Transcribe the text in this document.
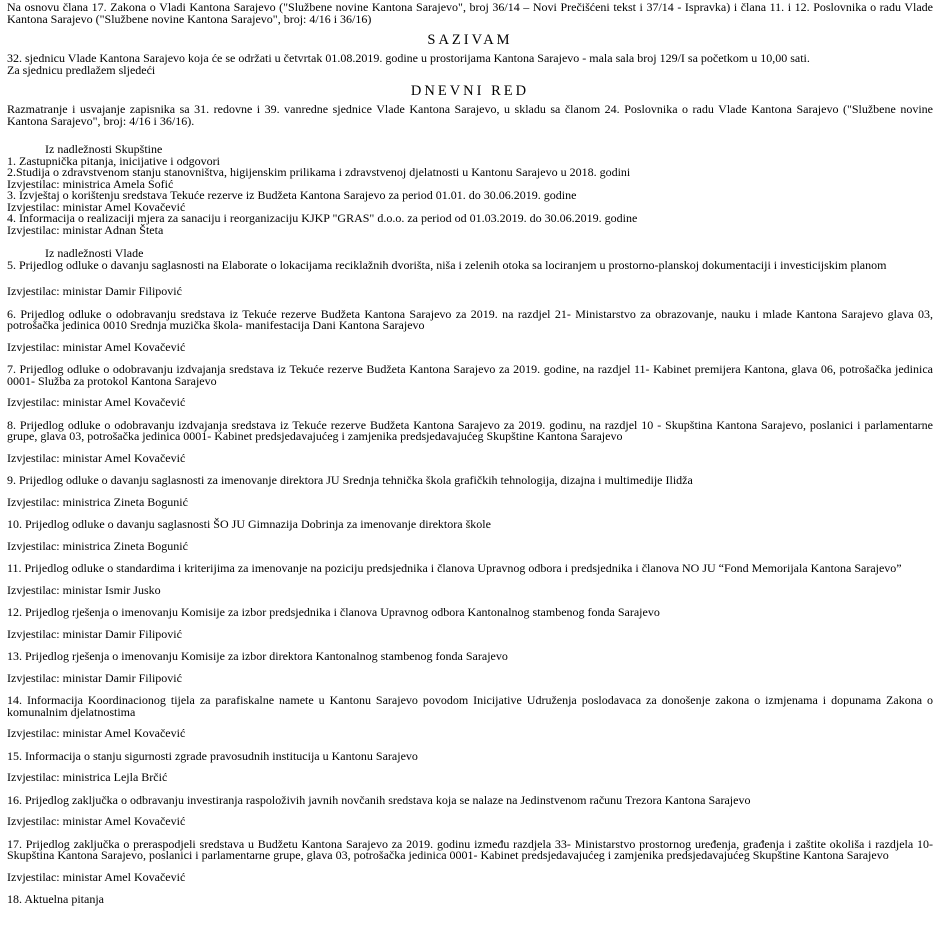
Na osnovu člana 17. Zakona o Vladi Kantona Sarajevo ("Službene novine Kantona Sarajevo", broj 36/14 – Novi Prečišćeni tekst i 37/14 - Ispravka) i člana 11. i 12. Poslovnika o radu Vlade Kantona Sarajevo ("Službene novine Kantona Sarajevo", broj: 4/16 i 36/16)

SAZIVAM

32. sjednicu Vlade Kantona Sarajevo koja će se održati u četvrtak 01.08.2019. godine u prostorijama Kantona Sarajevo - mala sala broj 129/I sa početkom u 10,00 sati.

Za sjednicu predlažem sljedeći

DNEVNI RED

Razmatranje i usvajanje zapisnika sa 31. redovne i 39. vanredne sjednice Vlade Kantona Sarajevo, u skladu sa članom 24. Poslovnika o radu Vlade Kantona Sarajevo ("Službene novine Kantona Sarajevo", broj: 4/16 i 36/16).

Iz nadležnosti Skupštine

1. Zastupnička pitanja, inicijative i odgovori

2.Studija o zdravstvenom stanju stanovništva, higijenskim prilikama i zdravstvenoj djelatnosti u Kantonu Sarajevo u 2018. godini

Izvjestilac: ministrica Amela Sofić

3. Izvještaj o korištenju sredstava Tekuće rezerve iz Budžeta Kantona Sarajevo za period 01.01. do 30.06.2019. godine

Izvjestilac: ministar Amel Kovačević

4. Informacija o realizaciji mjera za sanaciju i reorganizaciju KJKP "GRAS" d.o.o. za period od 01.03.2019. do 30.06.2019. godine

Izvjestilac: ministar Adnan Šteta

Iz nadležnosti Vlade

5. Prijedlog odluke o davanju saglasnosti na Elaborate o lokacijama reciklažnih dvorišta, niša i zelenih otoka sa lociranjem u prostorno-planskoj dokumentaciji i investicijskim planom

Izvjestilac: ministar Damir Filipović

6. Prijedlog odluke o odobravanju sredstava iz Tekuće rezerve Budžeta Kantona Sarajevo za 2019. na razdjel 21- Ministarstvo za obrazovanje, nauku i mlade Kantona Sarajevo glava 03, potrošačka jedinica 0010 Srednja muzička škola- manifestacija Dani Kantona Sarajevo

Izvjestilac: ministar Amel Kovačević

7. Prijedlog odluke o odobravanju izdvajanja sredstava iz Tekuće rezerve Budžeta Kantona Sarajevo za 2019. godine, na razdjel 11- Kabinet premijera Kantona, glava 06, potrošačka jedinica 0001- Služba za protokol Kantona Sarajevo

Izvjestilac: ministar Amel Kovačević

8. Prijedlog odluke o odobravanju izdvajanja sredstava iz Tekuće rezerve Budžeta Kantona Sarajevo za 2019. godinu, na razdjel 10 - Skupština Kantona Sarajevo, poslanici i parlamentarne grupe, glava 03, potrošačka jedinica 0001- Kabinet predsjedavajućeg i zamjenika predsjedavajućeg Skupštine Kantona Sarajevo

Izvjestilac: ministar Amel Kovačević

9. Prijedlog odluke o davanju saglasnosti za imenovanje direktora JU Srednja tehnička škola grafičkih tehnologija, dizajna i multimedije Ilidža

Izvjestilac: ministrica Zineta Bogunić

10. Prijedlog odluke o davanju saglasnosti ŠO JU Gimnazija Dobrinja za imenovanje direktora škole

Izvjestilac: ministrica Zineta Bogunić

11. Prijedlog odluke o standardima i kriterijima za imenovanje na poziciju predsjednika i članova Upravnog odbora i predsjednika i članova NO JU “Fond Memorijala Kantona Sarajevo”

Izvjestilac: ministar Ismir Jusko

12. Prijedlog rješenja o imenovanju Komisije za izbor predsjednika i članova Upravnog odbora Kantonalnog stambenog fonda Sarajevo

Izvjestilac: ministar Damir Filipović

13. Prijedlog rješenja o imenovanju Komisije za izbor direktora Kantonalnog stambenog fonda Sarajevo

Izvjestilac: ministar Damir Filipović

14. Informacija Koordinacionog tijela za parafiskalne namete u Kantonu Sarajevo povodom Inicijative Udruženja poslodavaca za donošenje zakona o izmjenama i dopunama Zakona o komunalnim djelatnostima

Izvjestilac: ministar Amel Kovačević

15. Informacija o stanju sigurnosti zgrade pravosudnih institucija u Kantonu Sarajevo

Izvjestilac: ministrica Lejla Brčić

16. Prijedlog zaključka o odbravanju investiranja raspoloživih javnih novčanih sredstava koja se nalaze na Jedinstvenom računu Trezora Kantona Sarajevo

Izvjestilac: ministar Amel Kovačević

17. Prijedlog zaključka o preraspodjeli sredstava u Budžetu Kantona Sarajevo za 2019. godinu između razdjela 33- Ministarstvo prostornog uređenja, građenja i zaštite okoliša i razdjela 10- Skupština Kantona Sarajevo, poslanici i parlamentarne grupe, glava 03, potrošačka jedinica 0001- Kabinet predsjedavajućeg i zamjenika predsjedavajućeg Skupštine Kantona Sarajevo

Izvjestilac: ministar Amel Kovačević

18. Aktuelna pitanja
